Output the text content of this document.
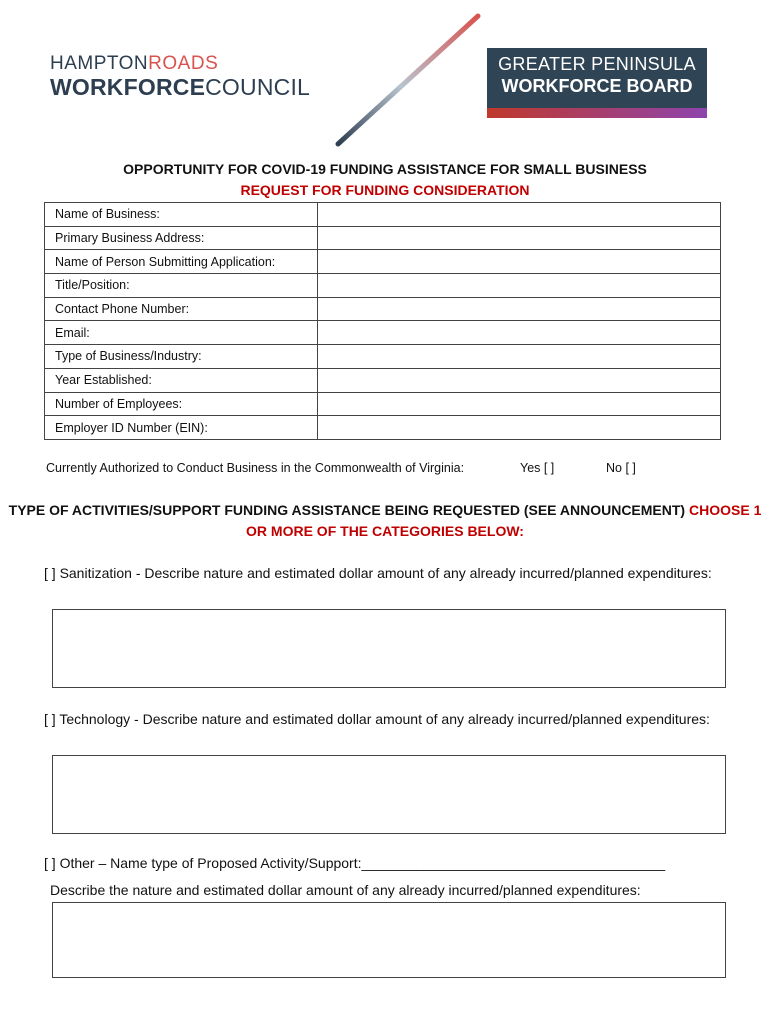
HAMPTONROADS
WORKFORCECOUNCIL
GREATER PENINSULA
WORKFORCE BOARD
OPPORTUNITY FOR COVID-19 FUNDING ASSISTANCE FOR SMALL BUSINESS
REQUEST FOR FUNDING CONSIDERATION
Name of Business:	
Primary Business Address:	
Name of Person Submitting Application:	
Title/Position:	
Contact Phone Number:	
Email:	
Type of Business/Industry:	
Year Established:	
Number of Employees:	
Employer ID Number (EIN):	
Currently Authorized to Conduct Business in the Commonwealth of Virginia:	Yes [ ]	No [ ]
TYPE OF ACTIVITIES/SUPPORT FUNDING ASSISTANCE BEING REQUESTED (SEE ANNOUNCEMENT) CHOOSE 1 OR MORE OF THE CATEGORIES BELOW:
[ ] Sanitization - Describe nature and estimated dollar amount of any already incurred/planned expenditures:
[ ] Technology - Describe nature and estimated dollar amount of any already incurred/planned expenditures:
[ ] Other – Name type of Proposed Activity/Support:_______________________________________
Describe the nature and estimated dollar amount of any already incurred/planned expenditures:
